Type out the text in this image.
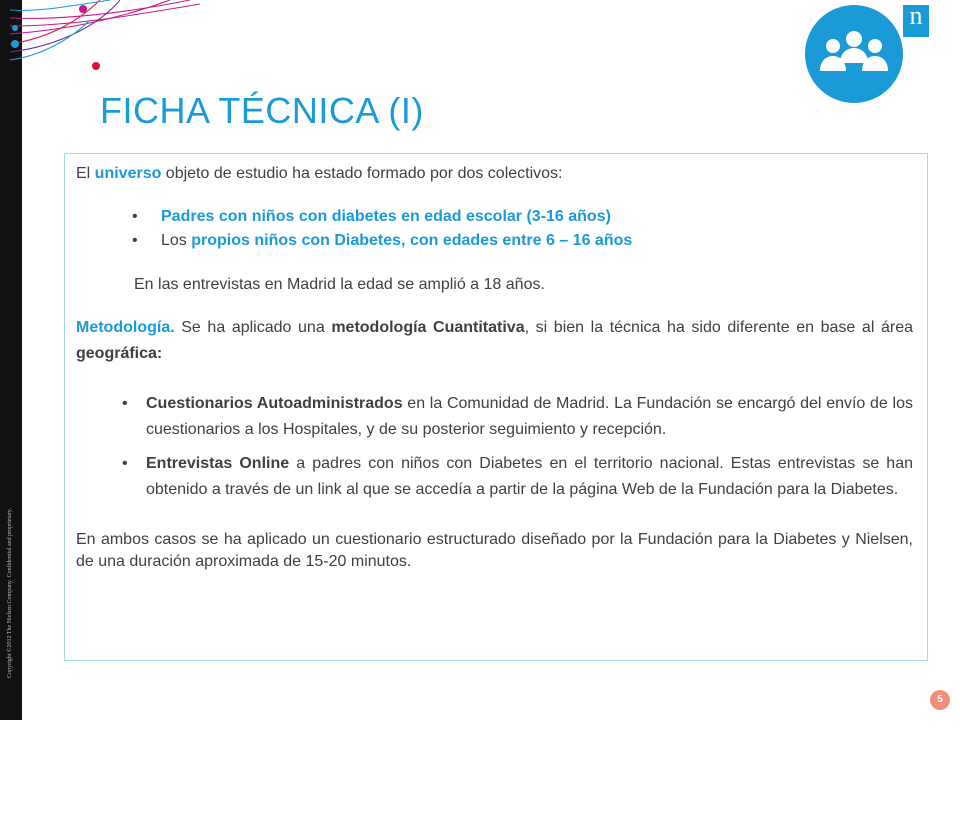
Copyright ©2012 The Nielsen Company. Confidential and proprietary.
n
FICHA TÉCNICA (I)

El universo objeto de estudio ha estado formado por dos colectivos:

• Padres con niños con diabetes en edad escolar (3-16 años)
• Los propios niños con Diabetes, con edades entre 6 – 16 años

En las entrevistas en Madrid la edad se amplió a 18 años.

Metodología. Se ha aplicado una metodología Cuantitativa, si bien la técnica ha sido diferente en base al área geográfica:

• Cuestionarios Autoadministrados en la Comunidad de Madrid. La Fundación se encargó del envío de los cuestionarios a los Hospitales, y de su posterior seguimiento y recepción.
• Entrevistas Online a padres con niños con Diabetes en el territorio nacional. Estas entrevistas se han obtenido a través de un link al que se accedía a partir de la página Web de la Fundación para la Diabetes.

En ambos casos se ha aplicado un cuestionario estructurado diseñado por la Fundación para la Diabetes y Nielsen, de una duración aproximada de 15-20 minutos.

5
